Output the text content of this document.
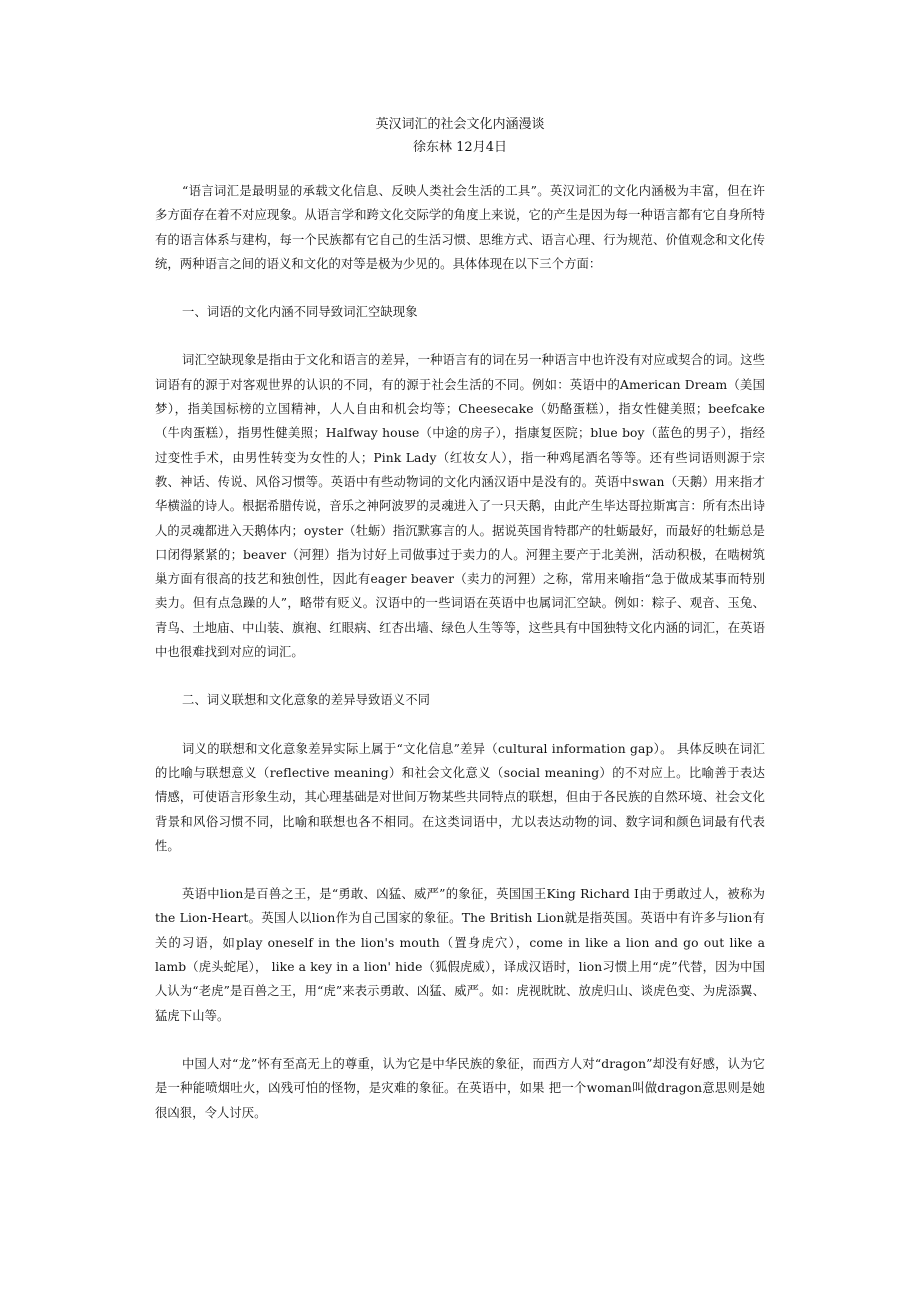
英汉词汇的社会文化内涵漫谈
徐东林 12月4日

“语言词汇是最明显的承载文化信息、反映人类社会生活的工具”。英汉词汇的文化内涵极为丰富，但在许多方面存在着不对应现象。从语言学和跨文化交际学的角度上来说，它的产生是因为每一种语言都有它自身所特有的语言体系与建构，每一个民族都有它自己的生活习惯、思维方式、语言心理、行为规范、价值观念和文化传统，两种语言之间的语义和文化的对等是极为少见的。具体体现在以下三个方面：

一、词语的文化内涵不同导致词汇空缺现象

词汇空缺现象是指由于文化和语言的差异，一种语言有的词在另一种语言中也许没有对应或契合的词。这些词语有的源于对客观世界的认识的不同，有的源于社会生活的不同。例如：英语中的American Dream（美国梦），指美国标榜的立国精神，人人自由和机会均等；Cheesecake（奶酪蛋糕），指女性健美照；beefcake（牛肉蛋糕），指男性健美照；Halfway house（中途的房子），指康复医院；blue boy（蓝色的男子），指经过变性手术，由男性转变为女性的人；Pink Lady（红妆女人），指一种鸡尾酒名等等。还有些词语则源于宗教、神话、传说、风俗习惯等。英语中有些动物词的文化内涵汉语中是没有的。英语中swan（天鹅）用来指才华横溢的诗人。根据希腊传说，音乐之神阿波罗的灵魂进入了一只天鹅，由此产生毕达哥拉斯寓言：所有杰出诗人的灵魂都进入天鹅体内；oyster（牡蛎）指沉默寡言的人。据说英国肯特郡产的牡蛎最好，而最好的牡蛎总是口闭得紧紧的；beaver（河狸）指为讨好上司做事过于卖力的人。河狸主要产于北美洲，活动积极，在啮树筑巢方面有很高的技艺和独创性，因此有eager beaver（卖力的河狸）之称，常用来喻指“急于做成某事而特别卖力。但有点急躁的人”，略带有贬义。汉语中的一些词语在英语中也属词汇空缺。例如：粽子、观音、玉兔、青鸟、土地庙、中山装、旗袍、红眼病、红杏出墙、绿色人生等等，这些具有中国独特文化内涵的词汇，在英语中也很难找到对应的词汇。

二、词义联想和文化意象的差异导致语义不同

词义的联想和文化意象差异实际上属于“文化信息”差异（cultural information gap）。 具体反映在词汇的比喻与联想意义（reflective meaning）和社会文化意义（social meaning）的不对应上。比喻善于表达情感，可使语言形象生动，其心理基础是对世间万物某些共同特点的联想，但由于各民族的自然环境、社会文化背景和风俗习惯不同，比喻和联想也各不相同。在这类词语中，尤以表达动物的词、数字词和颜色词最有代表性。

英语中lion是百兽之王，是“勇敢、凶猛、威严”的象征，英国国王King Richard I由于勇敢过人，被称为the Lion-Heart。英国人以lion作为自己国家的象征。The British Lion就是指英国。英语中有许多与lion有关的习语，如play oneself in the lion's mouth（置身虎穴），come in like a lion and go out like a lamb（虎头蛇尾）， like a key in a lion' hide（狐假虎威），译成汉语时，lion习惯上用“虎”代替，因为中国人认为“老虎”是百兽之王，用“虎”来表示勇敢、凶猛、威严。如：虎视眈眈、放虎归山、谈虎色变、为虎添翼、猛虎下山等。

中国人对“龙”怀有至高无上的尊重，认为它是中华民族的象征，而西方人对“dragon”却没有好感，认为它是一种能喷烟吐火，凶残可怕的怪物，是灾难的象征。在英语中，如果 把一个woman叫做dragon意思则是她很凶狠，令人讨厌。
